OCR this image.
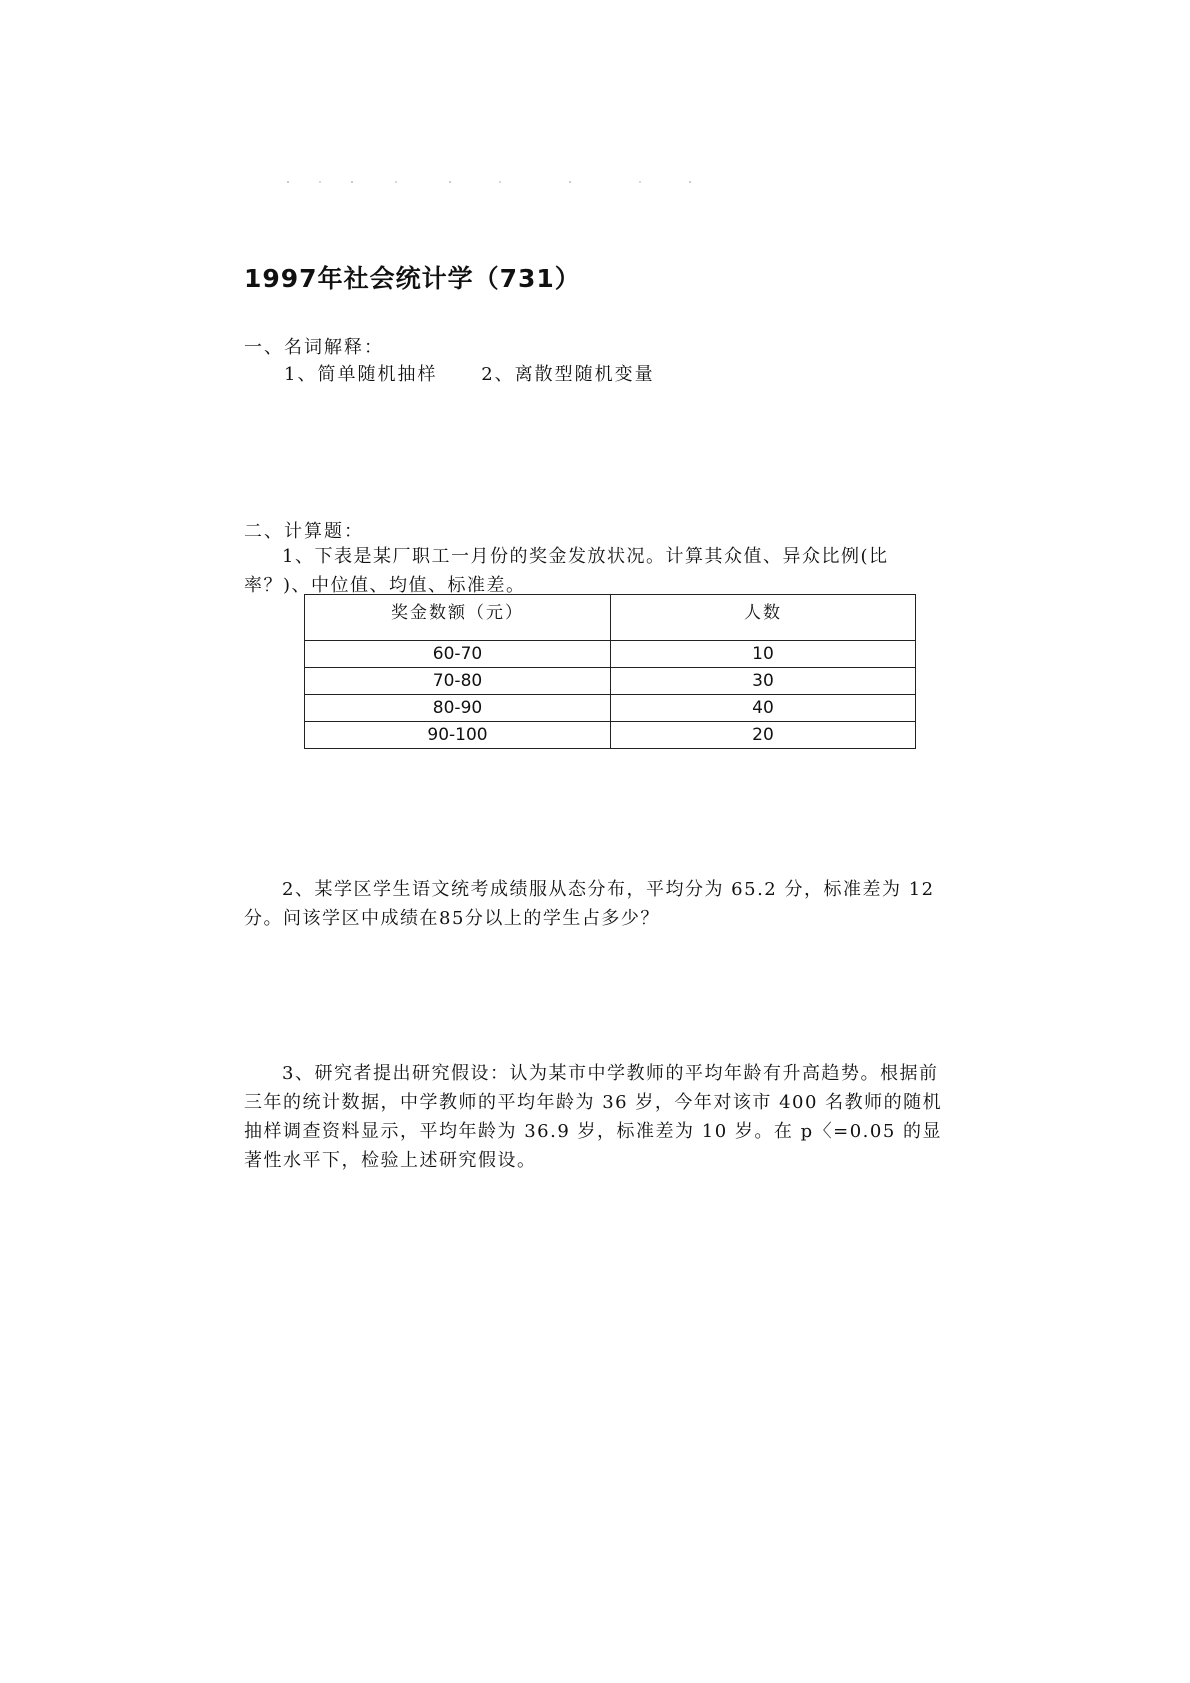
1997年社会统计学（731）

一、名词解释：

1、简单随机抽样 2、离散型随机变量

二、计算题：

1、下表是某厂职工一月份的奖金发放状况。计算其众值、异众比例(比率？)、中位值、均值、标准差。

奖金数额（元）	人数
60-70	10
70-80	30
80-90	40
90-100	20

2、某学区学生语文统考成绩服从态分布，平均分为 65.2 分，标准差为 12 分。问该学区中成绩在85分以上的学生占多少？

3、研究者提出研究假设：认为某市中学教师的平均年龄有升高趋势。根据前三年的统计数据，中学教师的平均年龄为 36 岁，今年对该市 400 名教师的随机抽样调查资料显示，平均年龄为 36.9 岁，标准差为 10 岁。在 p〈=0.05 的显著性水平下，检验上述研究假设。
